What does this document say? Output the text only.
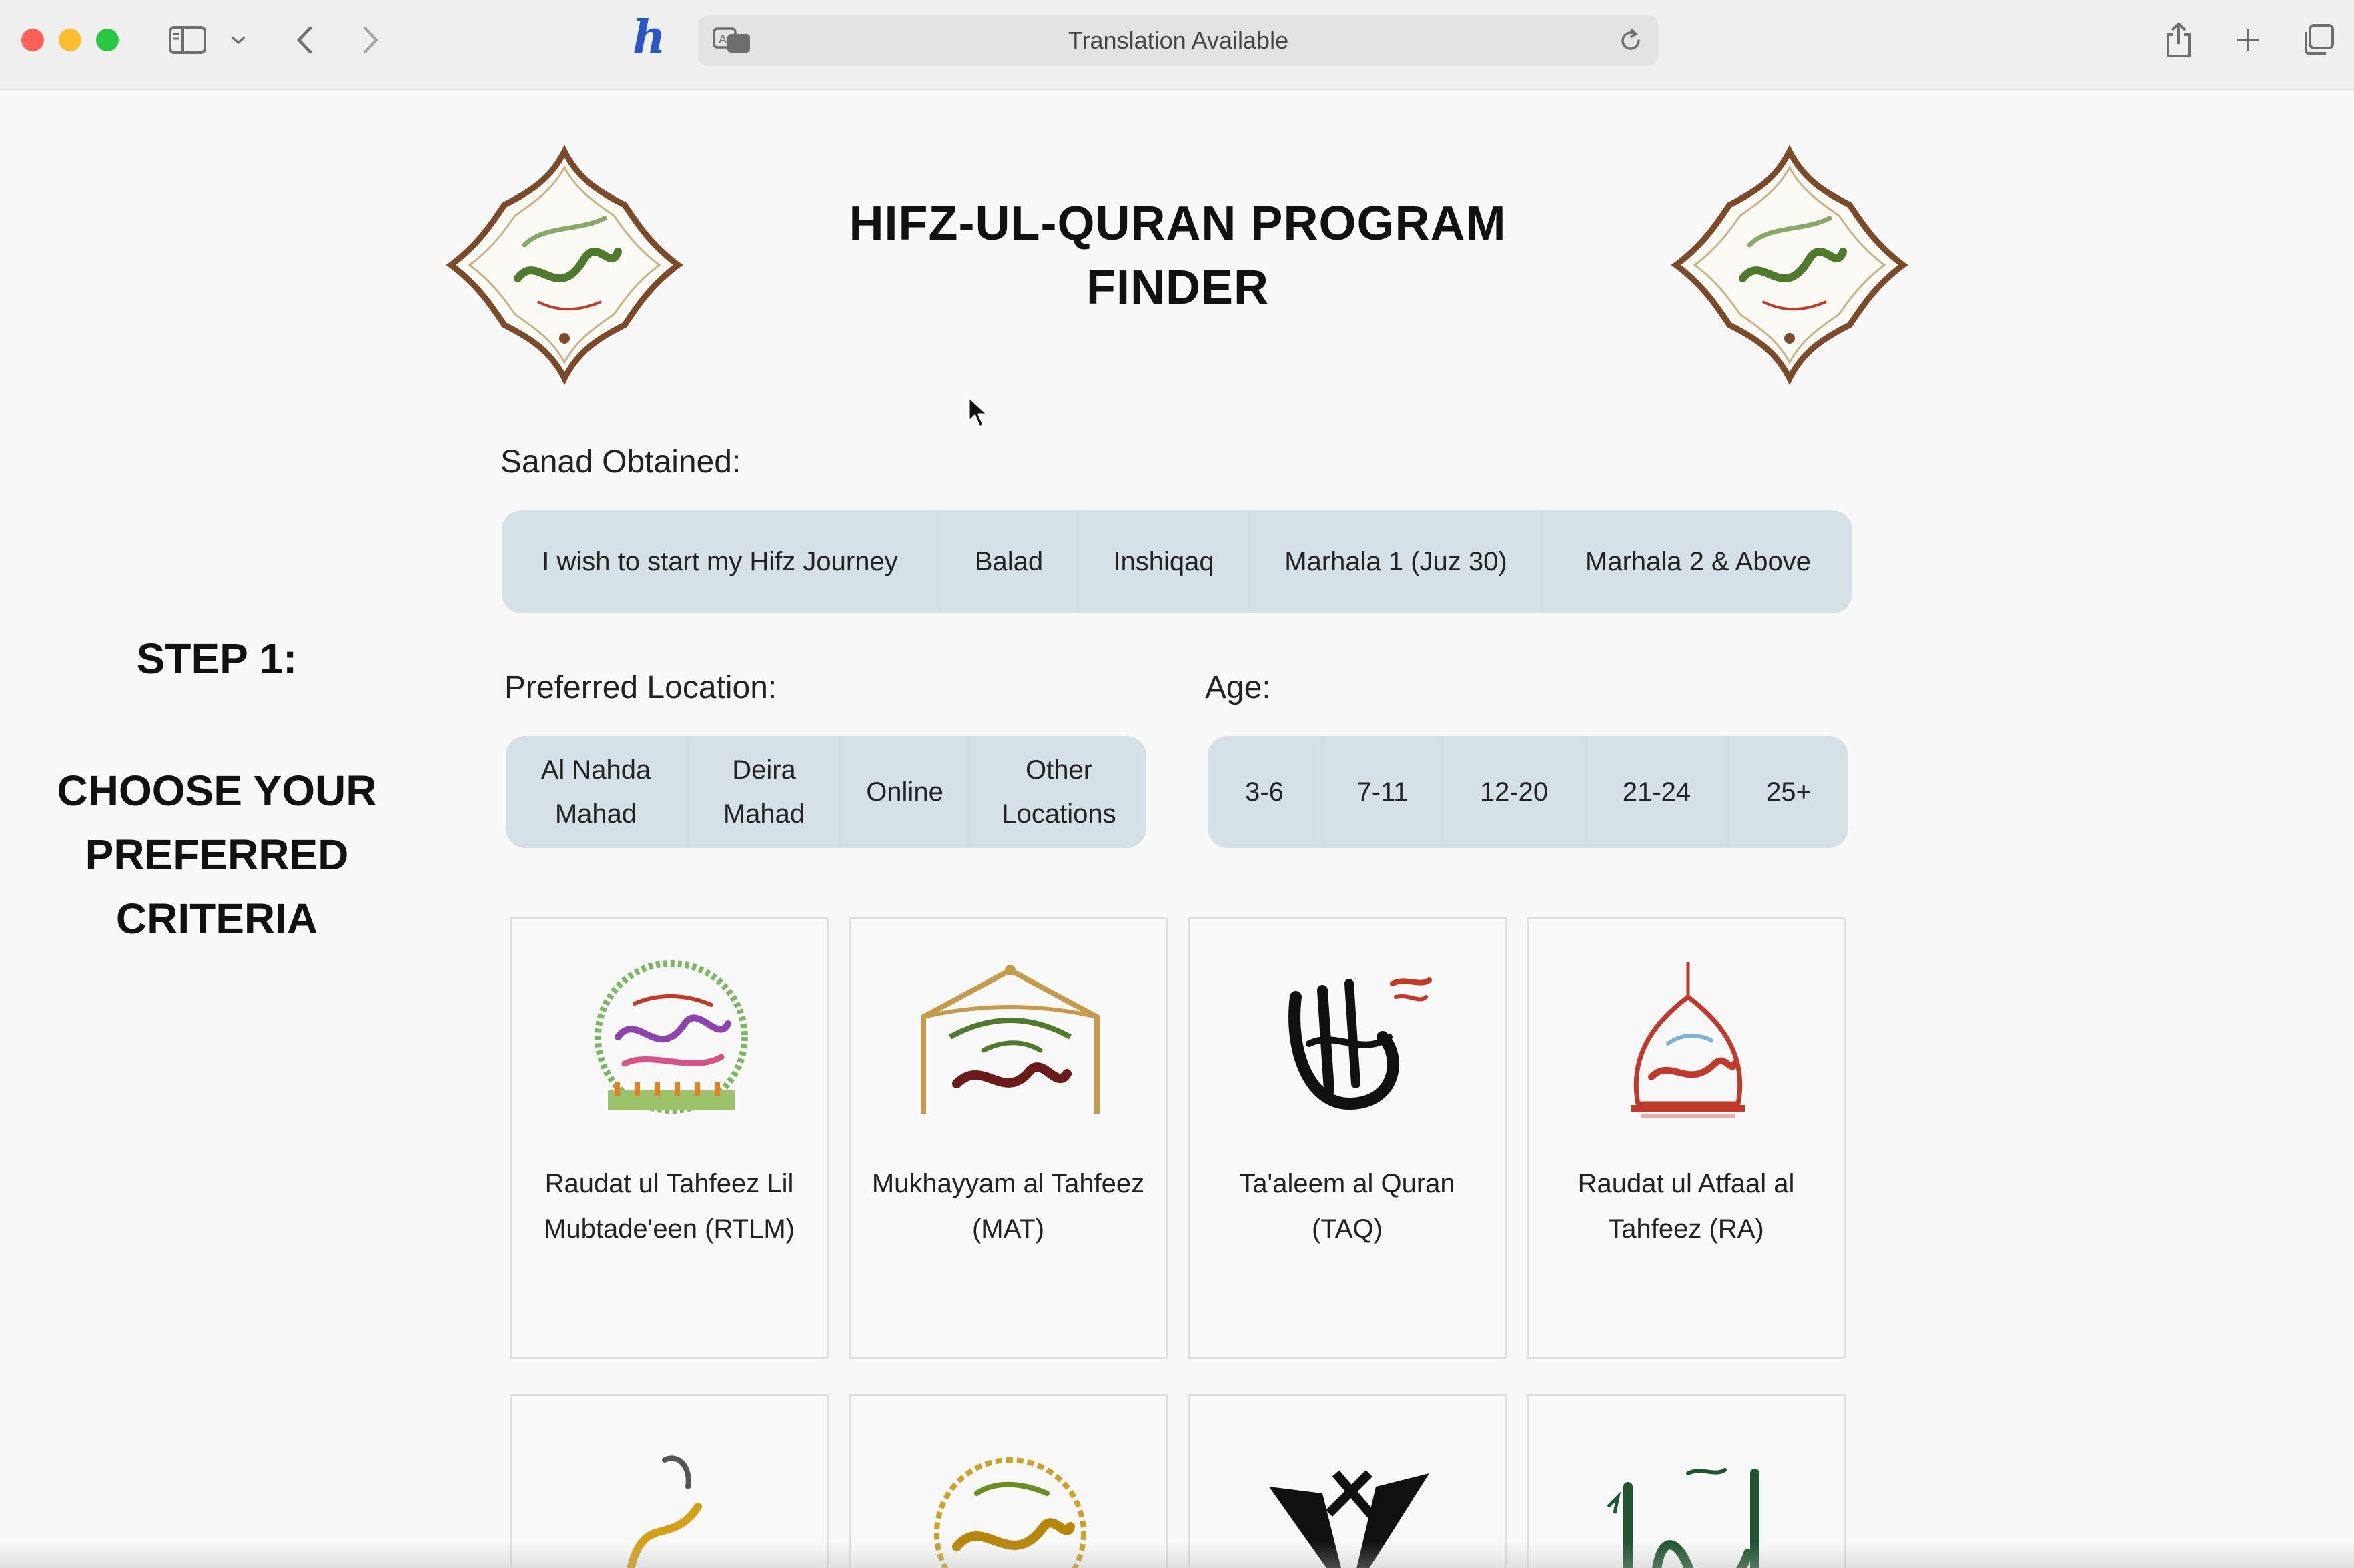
h	Translation Available
A
HIFZ-UL-QURAN PROGRAM
FINDER
STEP 1:
CHOOSE YOUR PREFERRED CRITERIA
Sanad Obtained:
I wish to start my Hifz Journey	Balad	Inshiqaq	Marhala 1 (Juz 30)	Marhala 2 & Above
Preferred Location:
Al Nahda Mahad
Deira Mahad
Online
Other Locations
Age:
3-6	7-11	12-20	21-24	25+
Raudat ul Tahfeez Lil Mubtade'een (RTLM)
Mukhayyam al Tahfeez (MAT)
Ta'aleem al Quran (TAQ)
Raudat ul Atfaal al Tahfeez (RA)
